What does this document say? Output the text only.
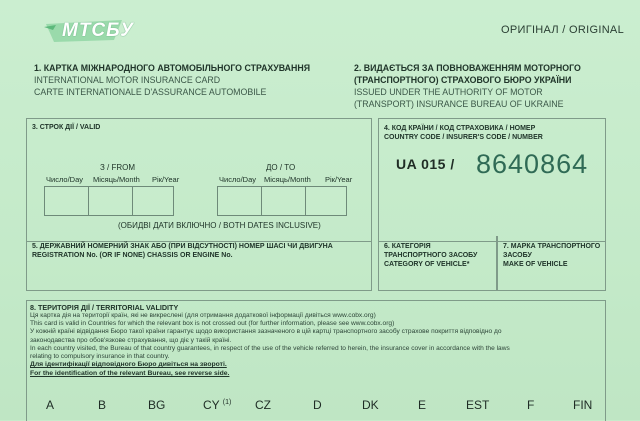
МТСБУ	ОРИГІНАЛ / ORIGINAL
1. КАРТКА МІЖНАРОДНОГО АВТОМОБІЛЬНОГО СТРАХУВАННЯ
INTERNATIONAL MOTOR INSURANCE CARD
CARTE INTERNATIONALE D'ASSURANCE AUTOMOBILE
2. ВИДАЄТЬСЯ ЗА ПОВНОВАЖЕННЯМ МОТОРНОГО
(ТРАНСПОРТНОГО) СТРАХОВОГО БЮРО УКРАЇНИ
ISSUED UNDER THE AUTHORITY OF MOTOR
(TRANSPORT) INSURANCE BUREAU OF UKRAINE
3. СТРОК ДІЇ / VALID
З / FROM	ДО / TO
Число/Day Місяць/Month Рік/Year	Число/Day Місяць/Month Рік/Year
(ОБИДВІ ДАТИ ВКЛЮЧНО / BOTH DATES INCLUSIVE)
4. КОД КРАЇНИ / КОД СТРАХОВИКА / НОМЕР
COUNTRY CODE / INSURER'S CODE / NUMBER
UA 015 / 8640864
5. ДЕРЖАВНИЙ НОМЕРНИЙ ЗНАК АБО (ПРИ ВІДСУТНОСТІ) НОМЕР ШАСІ ЧИ ДВИГУНА
REGISTRATION No. (OR IF NONE) CHASSIS OR ENGINE No.
6. КАТЕГОРІЯ
ТРАНСПОРТНОГО ЗАСОБУ
CATEGORY OF VEHICLE*
7. МАРКА ТРАНСПОРТНОГО
ЗАСОБУ
MAKE OF VEHICLE
8. ТЕРИТОРІЯ ДІЇ / TERRITORIAL VALIDITY
Ця картка дія на території країн, які не викреслені (для отримання додаткової інформації дивіться www.cobx.org)
This card is valid in Countries for which the relevant box is not crossed out (for further information, please see www.cobx.org)
У кожній країні відвідання Бюро такої країни гарантує щодо використання зазначеного в цій картці транспортного засобу страхове покриття відповідно до
законодавства про обов'язкове страхування, що діє у такій країні.
In each country visited, the Bureau of that country guarantees, in respect of the use of the vehicle referred to herein, the insurance cover in accordance with the laws
relating to compulsory insurance in that country.
Для ідентифікації відповідного Бюро дивіться на звороті.
For the identification of the relevant Bureau, see reverse side.
A	B	BG	CY $^{(1)}$ CZ	D	DK	E	EST	F	FIN
